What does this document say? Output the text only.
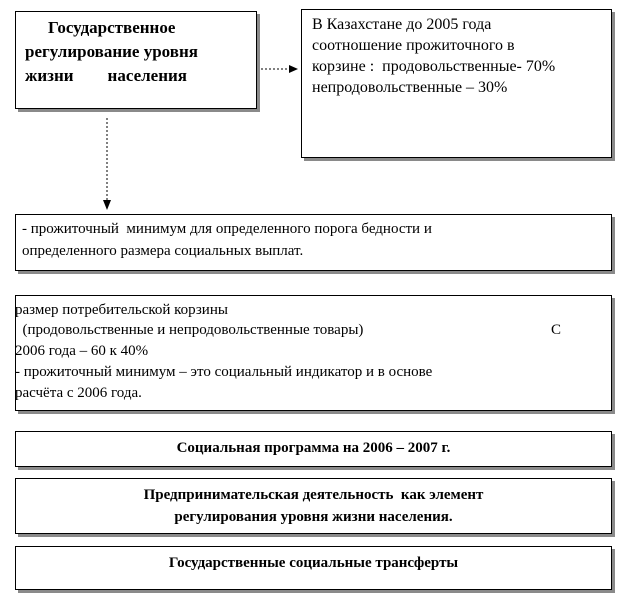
Государственное
регулирование уровня
жизни        населения
В Казахстане до 2005 года
соотношение прожиточного в
корзине :  продовольственные- 70%
непродовольственные – 30%
- прожиточный  минимум для определенного порога бедности и
определенного размера социальных выплат.
размер потребительской корзины
(продовольственные и непродовольственные товары)	С
2006 года – 60 к 40%
- прожиточный минимум – это социальный индикатор и в основе
расчёта с 2006 года.
Социальная программа на 2006 – 2007 г.
Предпринимательская деятельность  как элемент
регулирования уровня жизни населения.
Государственные социальные трансферты
